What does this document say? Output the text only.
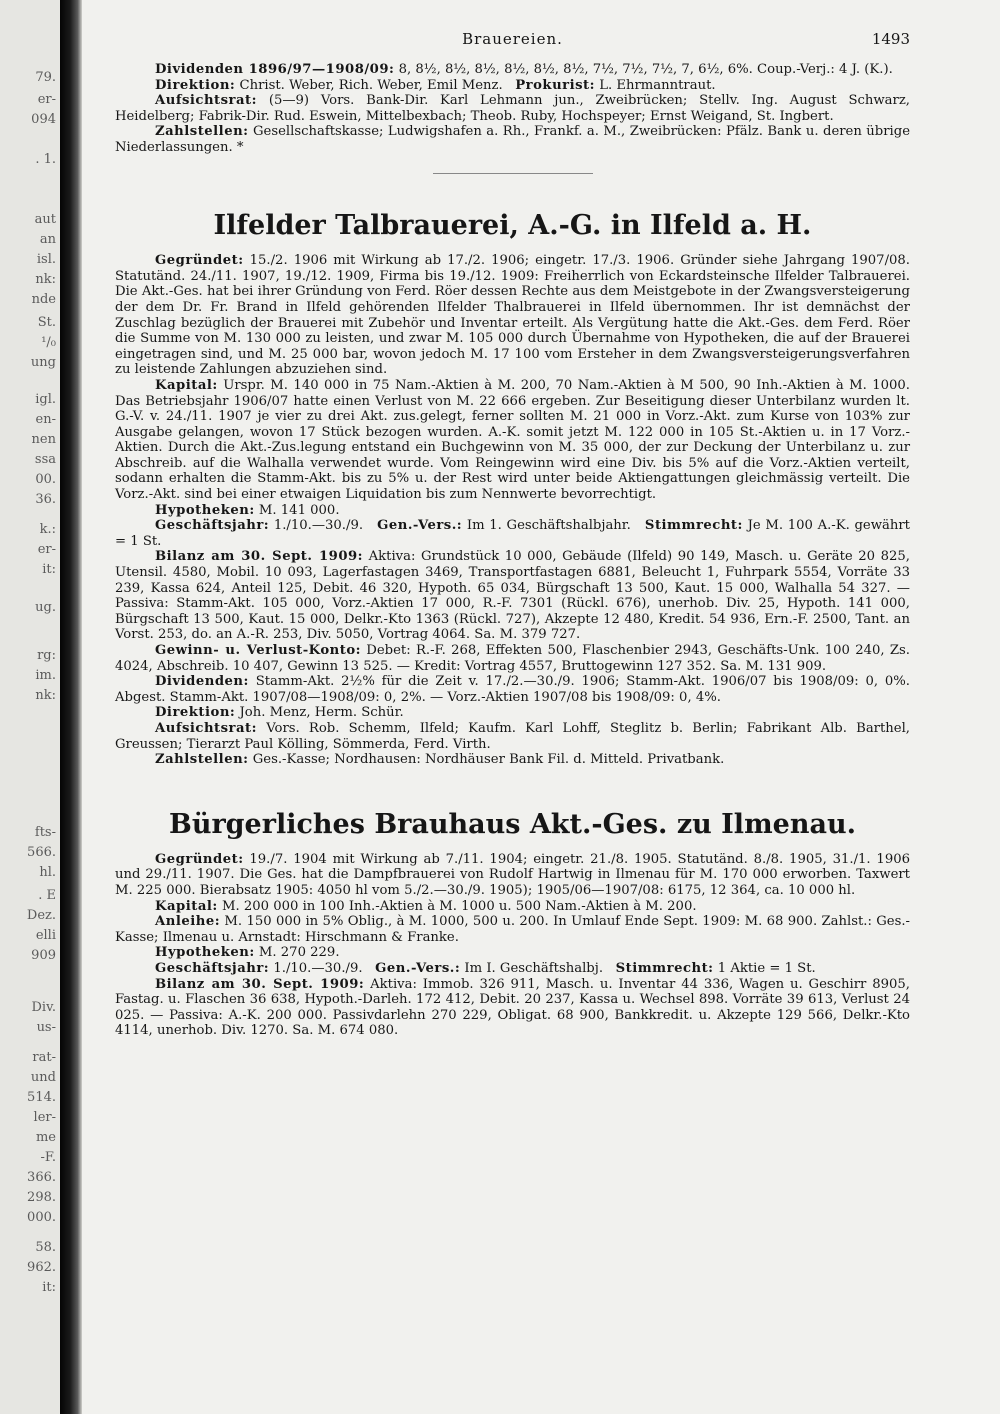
79.
er-
094
. 1.
aut
an
isl.
nk:
nde
St.
¹/₀
ung
igl.
en-
nen
ssa
00.
36.
k.:
er-
it:
ug.
rg:
im.
nk:
fts-
566.
hl.
. E
Dez.
elli
909
Div.
us-
rat-
und
514.
ler-
me
-F.
366.
298.
000.
58.
962.
it:
Brauereien.	1493

Dividenden 1896/97—1908/09: 8, 8½, 8½, 8½, 8½, 8½, 8½, 7½, 7½, 7½, 7, 6½, 6%. Coup.-Verj.: 4 J. (K.).

Direktion: Christ. Weber, Rich. Weber, Emil Menz. Prokurist: L. Ehrmanntraut.

Aufsichtsrat: (5—9) Vors. Bank-Dir. Karl Lehmann jun., Zweibrücken; Stellv. Ing. August Schwarz, Heidelberg; Fabrik-Dir. Rud. Eswein, Mittelbexbach; Theob. Ruby, Hochspeyer; Ernst Weigand, St. Ingbert.

Zahlstellen: Gesellschaftskasse; Ludwigshafen a. Rh., Frankf. a. M., Zweibrücken: Pfälz. Bank u. deren übrige Niederlassungen. *

Ilfelder Talbrauerei, A.-G. in Ilfeld a. H.

Gegründet: 15./2. 1906 mit Wirkung ab 17./2. 1906; eingetr. 17./3. 1906. Gründer siehe Jahrgang 1907/08. Statutänd. 24./11. 1907, 19./12. 1909, Firma bis 19./12. 1909: Freiherrlich von Eckardsteinsche Ilfelder Talbrauerei. Die Akt.-Ges. hat bei ihrer Gründung von Ferd. Röer dessen Rechte aus dem Meistgebote in der Zwangsversteigerung der dem Dr. Fr. Brand in Ilfeld gehörenden Ilfelder Thalbrauerei in Ilfeld übernommen. Ihr ist demnächst der Zuschlag bezüglich der Brauerei mit Zubehör und Inventar erteilt. Als Vergütung hatte die Akt.-Ges. dem Ferd. Röer die Summe von M. 130 000 zu leisten, und zwar M. 105 000 durch Übernahme von Hypotheken, die auf der Brauerei eingetragen sind, und M. 25 000 bar, wovon jedoch M. 17 100 vom Ersteher in dem Zwangsversteigerungsverfahren zu leistende Zahlungen abzuziehen sind.

Kapital: Urspr. M. 140 000 in 75 Nam.-Aktien à M. 200, 70 Nam.-Aktien à M 500, 90 Inh.-Aktien à M. 1000. Das Betriebsjahr 1906/07 hatte einen Verlust von M. 22 666 ergeben. Zur Beseitigung dieser Unterbilanz wurden lt. G.-V. v. 24./11. 1907 je vier zu drei Akt. zus.gelegt, ferner sollten M. 21 000 in Vorz.-Akt. zum Kurse von 103% zur Ausgabe gelangen, wovon 17 Stück bezogen wurden. A.-K. somit jetzt M. 122 000 in 105 St.-Aktien u. in 17 Vorz.-Aktien. Durch die Akt.-Zus.legung entstand ein Buchgewinn von M. 35 000, der zur Deckung der Unterbilanz u. zur Abschreib. auf die Walhalla verwendet wurde. Vom Reingewinn wird eine Div. bis 5% auf die Vorz.-Aktien verteilt, sodann erhalten die Stamm-Akt. bis zu 5% u. der Rest wird unter beide Aktiengattungen gleichmässig verteilt. Die Vorz.-Akt. sind bei einer etwaigen Liquidation bis zum Nennwerte bevorrechtigt.

Hypotheken: M. 141 000.

Geschäftsjahr: 1./10.—30./9. Gen.-Vers.: Im 1. Geschäftshalbjahr. Stimmrecht: Je M. 100 A.-K. gewährt = 1 St.

Bilanz am 30. Sept. 1909: Aktiva: Grundstück 10 000, Gebäude (Ilfeld) 90 149, Masch. u. Geräte 20 825, Utensil. 4580, Mobil. 10 093, Lagerfastagen 3469, Transportfastagen 6881, Beleucht 1, Fuhrpark 5554, Vorräte 33 239, Kassa 624, Anteil 125, Debit. 46 320, Hypoth. 65 034, Bürgschaft 13 500, Kaut. 15 000, Walhalla 54 327. — Passiva: Stamm-Akt. 105 000, Vorz.-Aktien 17 000, R.-F. 7301 (Rückl. 676), unerhob. Div. 25, Hypoth. 141 000, Bürgschaft 13 500, Kaut. 15 000, Delkr.-Kto 1363 (Rückl. 727), Akzepte 12 480, Kredit. 54 936, Ern.-F. 2500, Tant. an Vorst. 253, do. an A.-R. 253, Div. 5050, Vortrag 4064. Sa. M. 379 727.

Gewinn- u. Verlust-Konto: Debet: R.-F. 268, Effekten 500, Flaschenbier 2943, Geschäfts-Unk. 100 240, Zs. 4024, Abschreib. 10 407, Gewinn 13 525. — Kredit: Vortrag 4557, Bruttogewinn 127 352. Sa. M. 131 909.

Dividenden: Stamm-Akt. 2½% für die Zeit v. 17./2.—30./9. 1906; Stamm-Akt. 1906/07 bis 1908/09: 0, 0%. Abgest. Stamm-Akt. 1907/08—1908/09: 0, 2%. — Vorz.-Aktien 1907/08 bis 1908/09: 0, 4%.

Direktion: Joh. Menz, Herm. Schür.

Aufsichtsrat: Vors. Rob. Schemm, Ilfeld; Kaufm. Karl Lohff, Steglitz b. Berlin; Fabrikant Alb. Barthel, Greussen; Tierarzt Paul Kölling, Sömmerda, Ferd. Virth.

Zahlstellen: Ges.-Kasse; Nordhausen: Nordhäuser Bank Fil. d. Mitteld. Privatbank.

Bürgerliches Brauhaus Akt.-Ges. zu Ilmenau.

Gegründet: 19./7. 1904 mit Wirkung ab 7./11. 1904; eingetr. 21./8. 1905. Statutänd. 8./8. 1905, 31./1. 1906 und 29./11. 1907. Die Ges. hat die Dampfbrauerei von Rudolf Hartwig in Ilmenau für M. 170 000 erworben. Taxwert M. 225 000. Bierabsatz 1905: 4050 hl vom 5./2.—30./9. 1905); 1905/06—1907/08: 6175, 12 364, ca. 10 000 hl.

Kapital: M. 200 000 in 100 Inh.-Aktien à M. 1000 u. 500 Nam.-Aktien à M. 200.

Anleihe: M. 150 000 in 5% Oblig., à M. 1000, 500 u. 200. In Umlauf Ende Sept. 1909: M. 68 900. Zahlst.: Ges.-Kasse; Ilmenau u. Arnstadt: Hirschmann & Franke.

Hypotheken: M. 270 229.

Geschäftsjahr: 1./10.—30./9. Gen.-Vers.: Im I. Geschäftshalbj. Stimmrecht: 1 Aktie = 1 St.

Bilanz am 30. Sept. 1909: Aktiva: Immob. 326 911, Masch. u. Inventar 44 336, Wagen u. Geschirr 8905, Fastag. u. Flaschen 36 638, Hypoth.-Darleh. 172 412, Debit. 20 237, Kassa u. Wechsel 898. Vorräte 39 613, Verlust 24 025. — Passiva: A.-K. 200 000. Passivdarlehn 270 229, Obligat. 68 900, Bankkredit. u. Akzepte 129 566, Delkr.-Kto 4114, unerhob. Div. 1270. Sa. M. 674 080.
